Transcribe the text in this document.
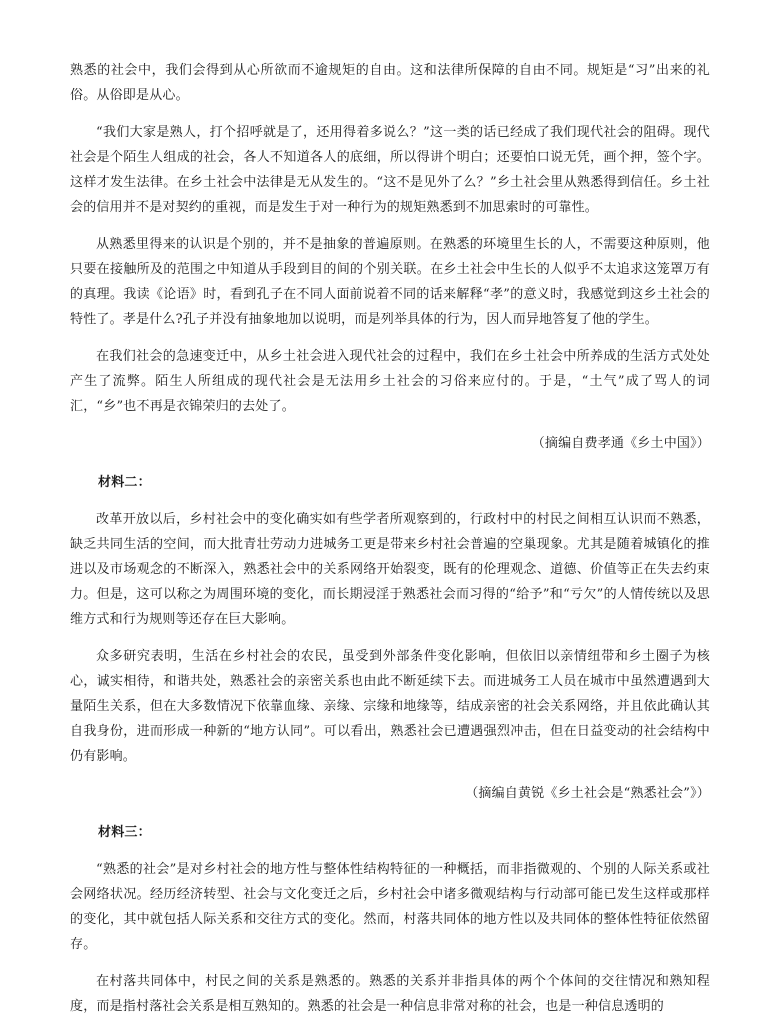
熟悉的社会中，我们会得到从心所欲而不逾规矩的自由。这和法律所保障的自由不同。规矩是“习”出来的礼俗。从俗即是从心。

“我们大家是熟人，打个招呼就是了，还用得着多说么？”这一类的话已经成了我们现代社会的阻碍。现代社会是个陌生人组成的社会，各人不知道各人的底细，所以得讲个明白；还要怕口说无凭，画个押，签个字。这样才发生法律。在乡土社会中法律是无从发生的。“这不是见外了么？”乡土社会里从熟悉得到信任。乡土社会的信用并不是对契约的重视，而是发生于对一种行为的规矩熟悉到不加思索时的可靠性。

从熟悉里得来的认识是个别的，并不是抽象的普遍原则。在熟悉的环境里生长的人，不需要这种原则，他只要在接触所及的范围之中知道从手段到目的间的个别关联。在乡土社会中生长的人似乎不太追求这笼罩万有的真理。我读《论语》时，看到孔子在不同人面前说着不同的话来解释“孝”的意义时，我感觉到这乡土社会的特性了。孝是什么?孔子并没有抽象地加以说明，而是列举具体的行为，因人而异地答复了他的学生。

在我们社会的急速变迁中，从乡土社会进入现代社会的过程中，我们在乡土社会中所养成的生活方式处处产生了流弊。陌生人所组成的现代社会是无法用乡土社会的习俗来应付的。于是，“土气”成了骂人的词汇，“乡”也不再是衣锦荣归的去处了。

（摘编自费孝通《乡土中国》）
材料二：

改革开放以后，乡村社会中的变化确实如有些学者所观察到的，行政村中的村民之间相互认识而不熟悉，缺乏共同生活的空间，而大批青壮劳动力进城务工更是带来乡村社会普遍的空巢现象。尤其是随着城镇化的推进以及市场观念的不断深入，熟悉社会中的关系网络开始裂变，既有的伦理观念、道德、价值等正在失去约束力。但是，这可以称之为周围环境的变化，而长期浸淫于熟悉社会而习得的“给予”和“亏欠”的人情传统以及思维方式和行为规则等还存在巨大影响。

众多研究表明，生活在乡村社会的农民，虽受到外部条件变化影响，但依旧以亲情纽带和乡土圈子为核心，诚实相待，和谐共处，熟悉社会的亲密关系也由此不断延续下去。而进城务工人员在城市中虽然遭遇到大量陌生关系，但在大多数情况下依靠血缘、亲缘、宗缘和地缘等，结成亲密的社会关系网络，并且依此确认其自我身份，进而形成一种新的“地方认同”。可以看出，熟悉社会已遭遇强烈冲击，但在日益变动的社会结构中仍有影响。

（摘编自黄锐《乡土社会是“熟悉社会”》）
材料三：

“熟悉的社会”是对乡村社会的地方性与整体性结构特征的一种概括，而非指微观的、个别的人际关系或社会网络状况。经历经济转型、社会与文化变迁之后，乡村社会中诸多微观结构与行动部可能已发生这样或那样的变化，其中就包括人际关系和交往方式的变化。然而，村落共同体的地方性以及共同体的整体性特征依然留存。

在村落共同体中，村民之间的关系是熟悉的。熟悉的关系并非指具体的两个个体间的交往情况和熟知程度，而是指村落社会关系是相互熟知的。熟悉的社会是一种信息非常对称的社会，也是一种信息透明的
